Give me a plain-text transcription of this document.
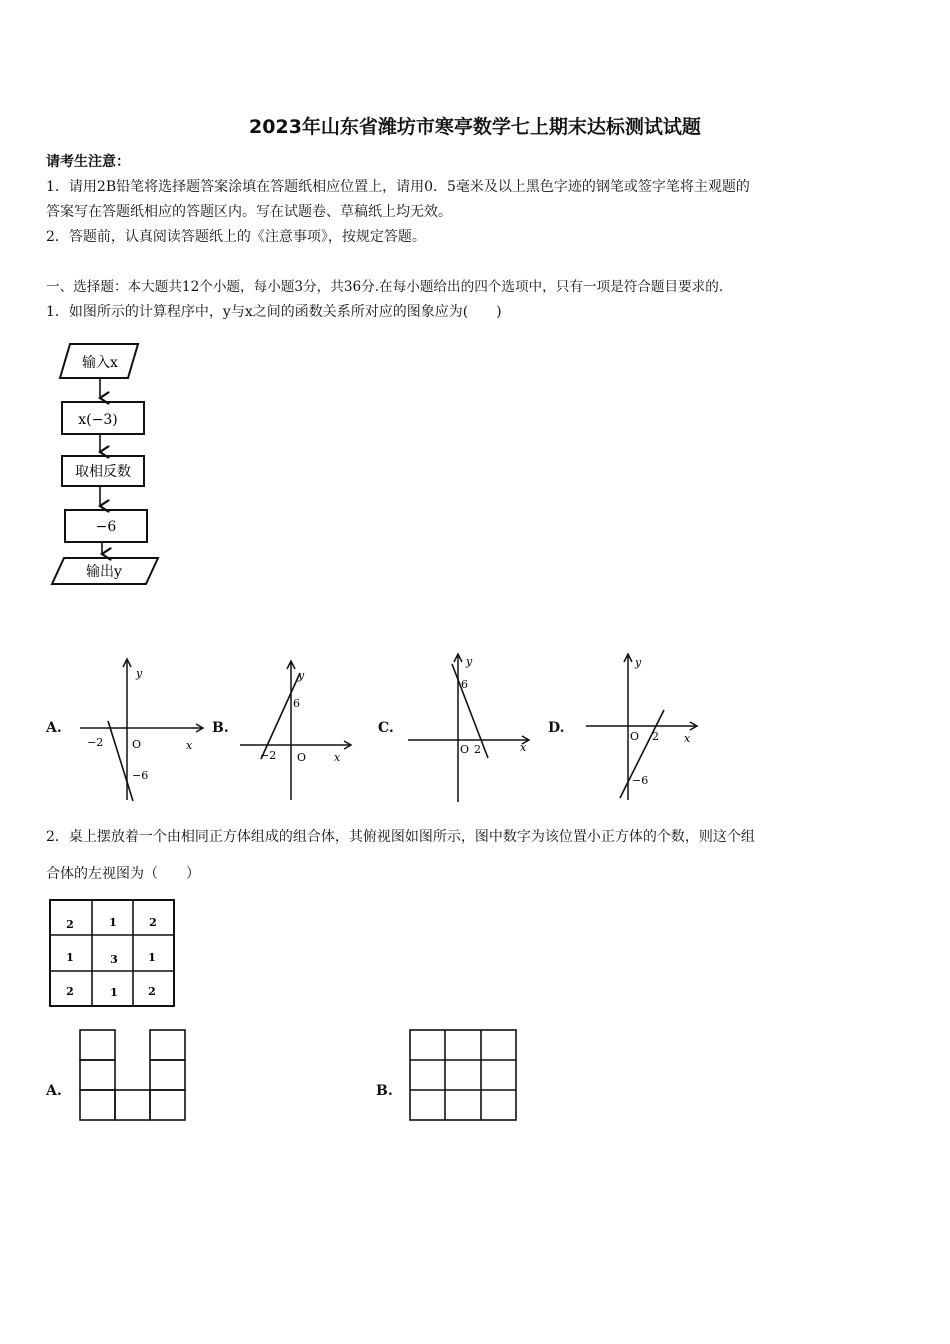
2023年山东省潍坊市寒亭数学七上期末达标测试试题
请考生注意：
1．请用2B铅笔将选择题答案涂填在答题纸相应位置上，请用0．5毫米及以上黑色字迹的钢笔或签字笔将主观题的
答案写在答题纸相应的答题区内。写在试题卷、草稿纸上均无效。
2．答题前，认真阅读答题纸上的《注意事项》，按规定答题。
一、选择题：本大题共12个小题，每小题3分，共36分.在每小题给出的四个选项中，只有一项是符合题目要求的.
1．如图所示的计算程序中，y与x之间的函数关系所对应的图象应为(　　)
输入x
x(−3)
取相反数
−6
输出y
A.	B.	C.	D.
y
x
O
−2
−6
y
x
O
−2
6
y
x
O 2
6
y
x
O 2
−6
2．桌上摆放着一个由相同正方体组成的组合体，其俯视图如图所示，图中数字为该位置小正方体的个数，则这个组
合体的左视图为（　　）
2	1	2
1	3	1
2	1	2
A.	B.
